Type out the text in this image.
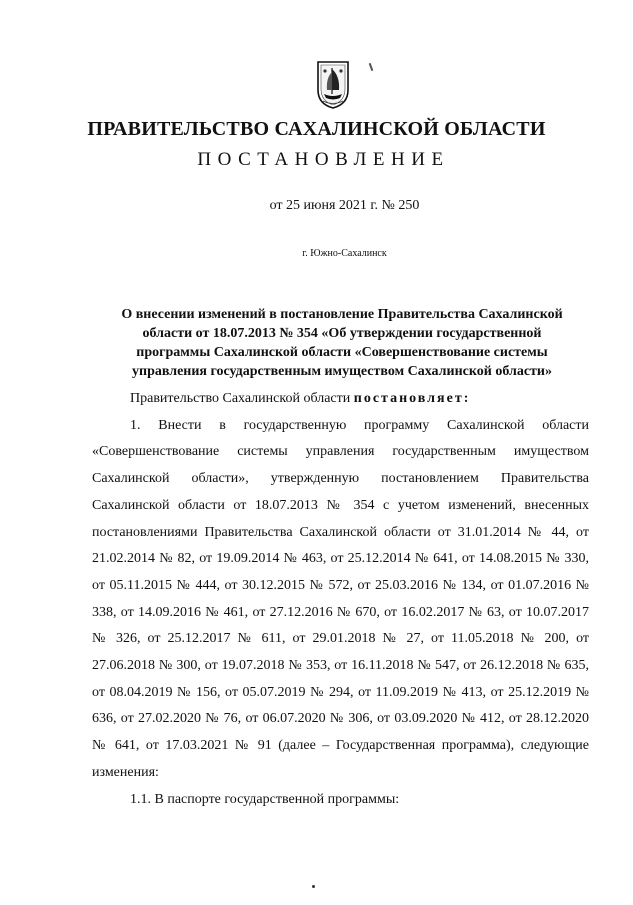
ПРАВИТЕЛЬСТВО САХАЛИНСКОЙ ОБЛАСТИ
ПОСТАНОВЛЕНИЕ
от 25 июня 2021 г. № 250
г. Южно-Сахалинск
О внесении изменений в постановление Правительства Сахалинской
области от 18.07.2013 № 354 «Об утверждении государственной
программы Сахалинской области «Совершенствование системы
управления государственным имуществом Сахалинской области»

Правительство Сахалинской области постановляет:

1. Внести в государственную программу Сахалинской области «Совершенствование системы управления государственным имуществом Сахалинской области», утвержденную постановлением Правительства Сахалинской области от 18.07.2013 № 354 с учетом изменений, внесенных постановлениями Правительства Сахалинской области от 31.01.2014 № 44, от 21.02.2014 № 82, от 19.09.2014 № 463, от 25.12.2014 № 641, от 14.08.2015 № 330, от 05.11.2015 № 444, от 30.12.2015 № 572, от 25.03.2016 № 134, от 01.07.2016 № 338, от 14.09.2016 № 461, от 27.12.2016 № 670, от 16.02.2017 № 63, от 10.07.2017 № 326, от 25.12.2017 № 611, от 29.01.2018 № 27, от 11.05.2018 № 200, от 27.06.2018 № 300, от 19.07.2018 № 353, от 16.11.2018 № 547, от 26.12.2018 № 635, от 08.04.2019 № 156, от 05.07.2019 № 294, от 11.09.2019 № 413, от 25.12.2019 № 636, от 27.02.2020 № 76, от 06.07.2020 № 306, от 03.09.2020 № 412, от 28.12.2020 № 641, от 17.03.2021 № 91 (далее – Государственная программа), следующие изменения:

1.1. В паспорте государственной программы:
